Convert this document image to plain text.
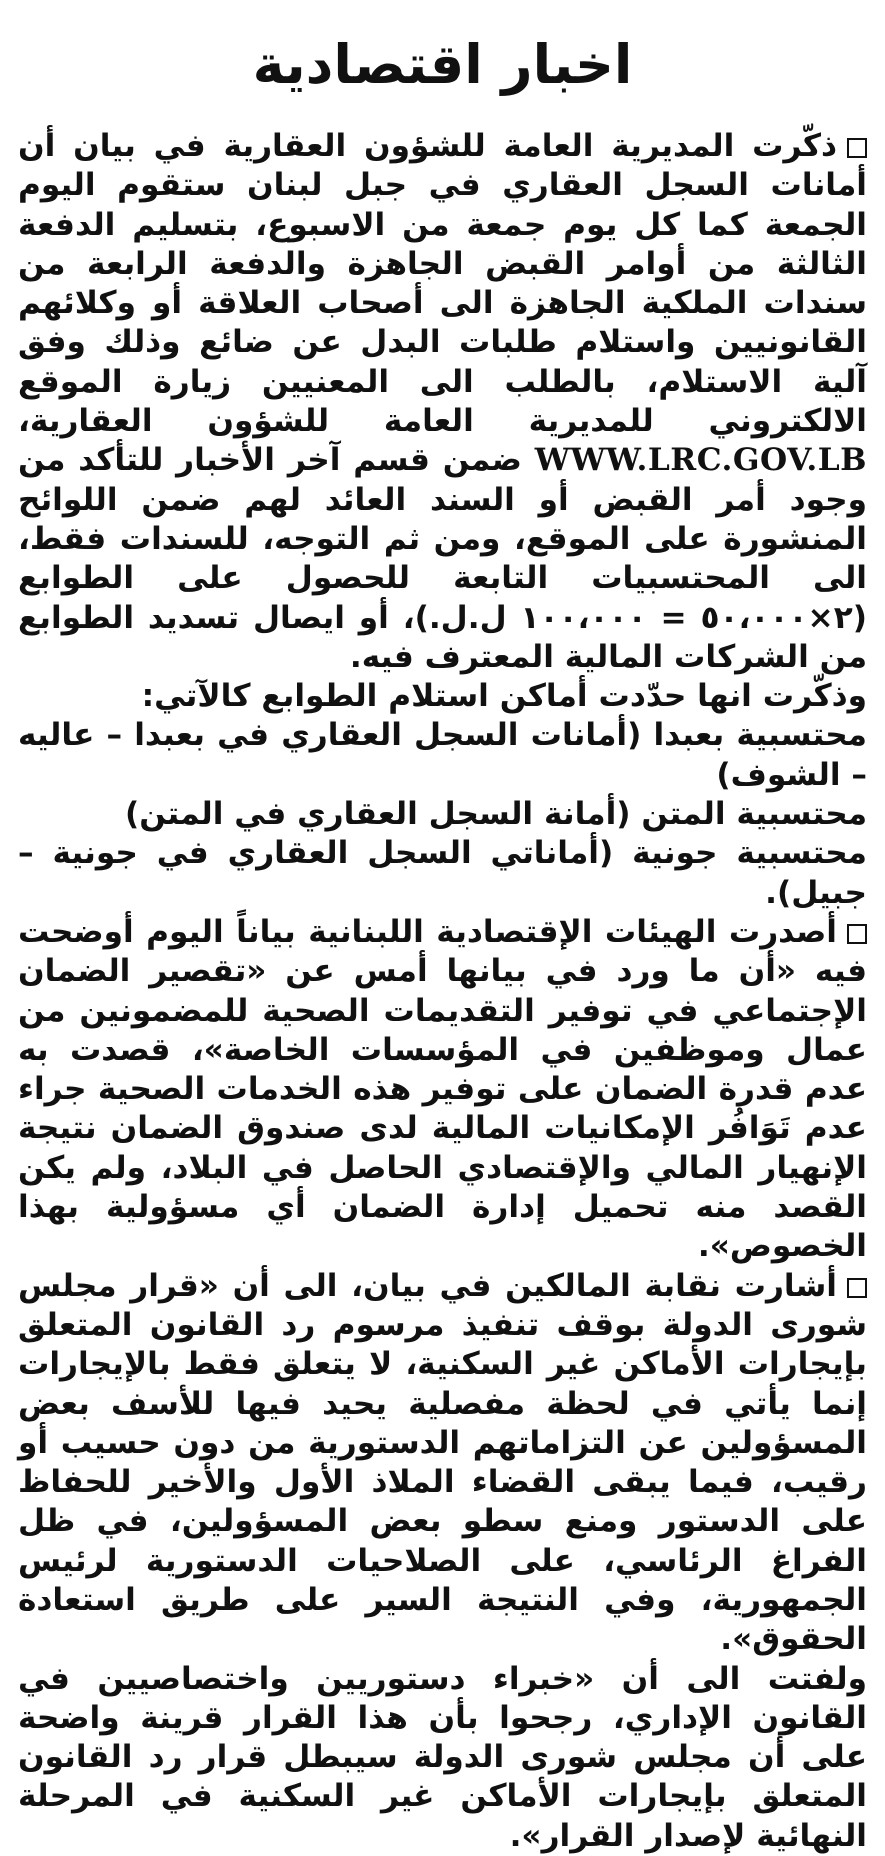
اخبار اقتصادية

ذكّرت المديرية العامة للشؤون العقارية في بيان أن أمانات السجل العقاري في جبل لبنان ستقوم اليوم الجمعة كما كل يوم جمعة من الاسبوع، بتسليم الدفعة الثالثة من أوامر القبض الجاهزة والدفعة الرابعة من سندات الملكية الجاهزة الى أصحاب العلاقة أو وكلائهم القانونيين واستلام طلبات البدل عن ضائع وذلك وفق آلية الاستلام، بالطلب الى المعنيين زيارة الموقع الالكتروني للمديرية العامة للشؤون العقارية، WWW.LRC.GOV.LB ضمن قسم آخر الأخبار للتأكد من وجود أمر القبض أو السند العائد لهم ضمن اللوائح المنشورة على الموقع، ومن ثم التوجه، للسندات فقط، الى المحتسبيات التابعة للحصول على الطوابع (٢×٥٠،٠٠٠ = ١٠٠،٠٠٠ ل.ل.)، أو ايصال تسديد الطوابع من الشركات المالية المعترف فيه.

وذكّرت انها حدّدت أماكن استلام الطوابع كالآتي:

محتسبية بعبدا (أمانات السجل العقاري في بعبدا – عاليه – الشوف)

محتسبية المتن (أمانة السجل العقاري في المتن)

محتسبية جونية (أماناتي السجل العقاري في جونية – جبيل).

أصدرت الهيئات الإقتصادية اللبنانية بياناً اليوم أوضحت فيه «أن ما ورد في بيانها أمس عن «تقصير الضمان الإجتماعي في توفير التقديمات الصحية للمضمونين من عمال وموظفين في المؤسسات الخاصة»، قصدت به عدم قدرة الضمان على توفير هذه الخدمات الصحية جراء عدم تَوَافُر الإمكانيات المالية لدى صندوق الضمان نتيجة الإنهيار المالي والإقتصادي الحاصل في البلاد، ولم يكن القصد منه تحميل إدارة الضمان أي مسؤولية بهذا الخصوص».

أشارت نقابة المالكين في بيان، الى أن «قرار مجلس شورى الدولة بوقف تنفيذ مرسوم رد القانون المتعلق بإيجارات الأماكن غير السكنية، لا يتعلق فقط بالإيجارات إنما يأتي في لحظة مفصلية يحيد فيها للأسف بعض المسؤولين عن التزاماتهم الدستورية من دون حسيب أو رقيب، فيما يبقى القضاء الملاذ الأول والأخير للحفاظ على الدستور ومنع سطو بعض المسؤولين، في ظل الفراغ الرئاسي، على الصلاحيات الدستورية لرئيس الجمهورية، وفي النتيجة السير على طريق استعادة الحقوق».

ولفتت الى أن «خبراء دستوريين واختصاصيين في القانون الإداري، رجحوا بأن هذا القرار قرينة واضحة على أن مجلس شورى الدولة سيبطل قرار رد القانون المتعلق بإيجارات الأماكن غير السكنية في المرحلة النهائية لإصدار القرار».
